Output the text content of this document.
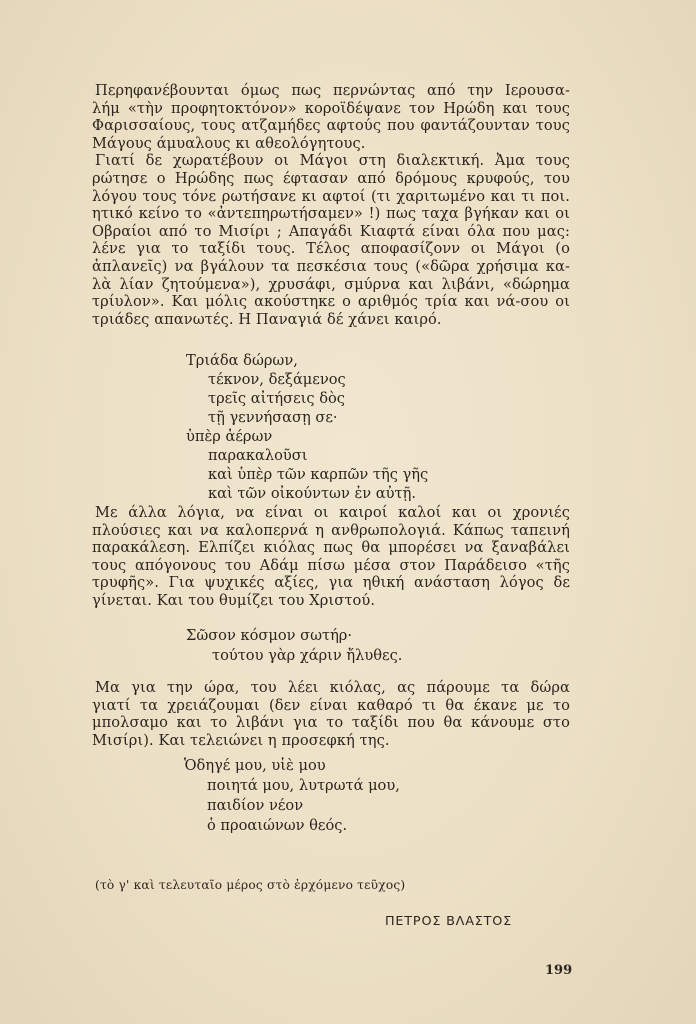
Περηφανέβουνται όμως πως περνώντας από την Ιερουσα-
λήμ «τὴν προφητοκτόνον» κοροϊδέψανε τον Ηρώδη και τους
Φαρισσαίους, τους ατζαμήδες αφτούς που φαντάζουνταν τους
Μάγους άμυαλους κι αθεολόγητους.
Γιατί δε χωρατέβουν οι Μάγοι στη διαλεκτική. Ἀμα τους
ρώτησε ο Ηρώδης πως έφτασαν από δρόμους κρυφούς, του
λόγου τους τόνε ρωτήσανε κι αφτοί (τι χαριτωμένο και τι ποι.
ητικό κείνο το «ἀντεπηρωτήσαμεν» !) πως ταχα βγήκαν και οι
Οβραίοι από το Μισίρι ; Απαγάδι Κιαφτά είναι όλα που μας:
λένε για το ταξίδι τους. Τέλος αποφασίζονν οι Μάγοι (ο
ἀπλανεῖς) να βγάλουν τα πεσκέσια τους («δῶρα χρήσιμα κα-
λὰ λίαν ζητούμενα»), χρυσάφι, σμύρνα και λιβάνι, «δώρημα
τρίυλον». Και μόλις ακούστηκε ο αριθμός τρία και νά-σου οι
τριάδες απανωτές. Η Παναγιά δέ χάνει καιρό.
Τριάδα δώρων,
τέκνον, δεξάμενος
τρεῖς αἰτήσεις δὸς
τῇ γεννήσασῃ σε·
ὑπὲρ ἀέρων
παρακαλοῦσι
καὶ ὑπὲρ τῶν καρπῶν τῆς γῆς
καὶ τῶν οἰκούντων ἐν αὐτῇ.
Με άλλα λόγια, να είναι οι καιροί καλοί και οι χρονιές
πλούσιες και να καλοπερνά η ανθρωπολογιά. Κάπως ταπεινή
παρακάλεση. Ελπίζει κιόλας πως θα μπορέσει να ξαναβάλει
τους απόγονους του Αδάμ πίσω μέσα στον Παράδεισο «τῆς
τρυφῆς». Για ψυχικές αξίες, για ηθική ανάσταση λόγος δε
γίνεται. Και του θυμίζει του Χριστού.
Σῶσον κόσμον σωτήρ·
τούτου γὰρ χάριν ἤλυθες.
Μα για την ώρα, του λέει κιόλας, ας πάρουμε τα δώρα
γιατί τα χρειάζουμαι (δεν είναι καθαρό τι θα έκανε με το
μπολσαμο και το λιβάνι για το ταξίδι που θα κάνουμε στο
Μισίρι). Και τελειώνει η προσεφκή της.
Ὁδηγέ μου, υἱὲ μου
ποιητά μου, λυτρωτά μου,
παιδίον νέον
ὁ προαιώνων θεός.
(τὸ γ' καὶ τελευταῖο μέρος στὸ ἐρχόμενο τεῦχος)
ΠΕΤΡΟΣ ΒΛΑΣΤΟΣ
199
